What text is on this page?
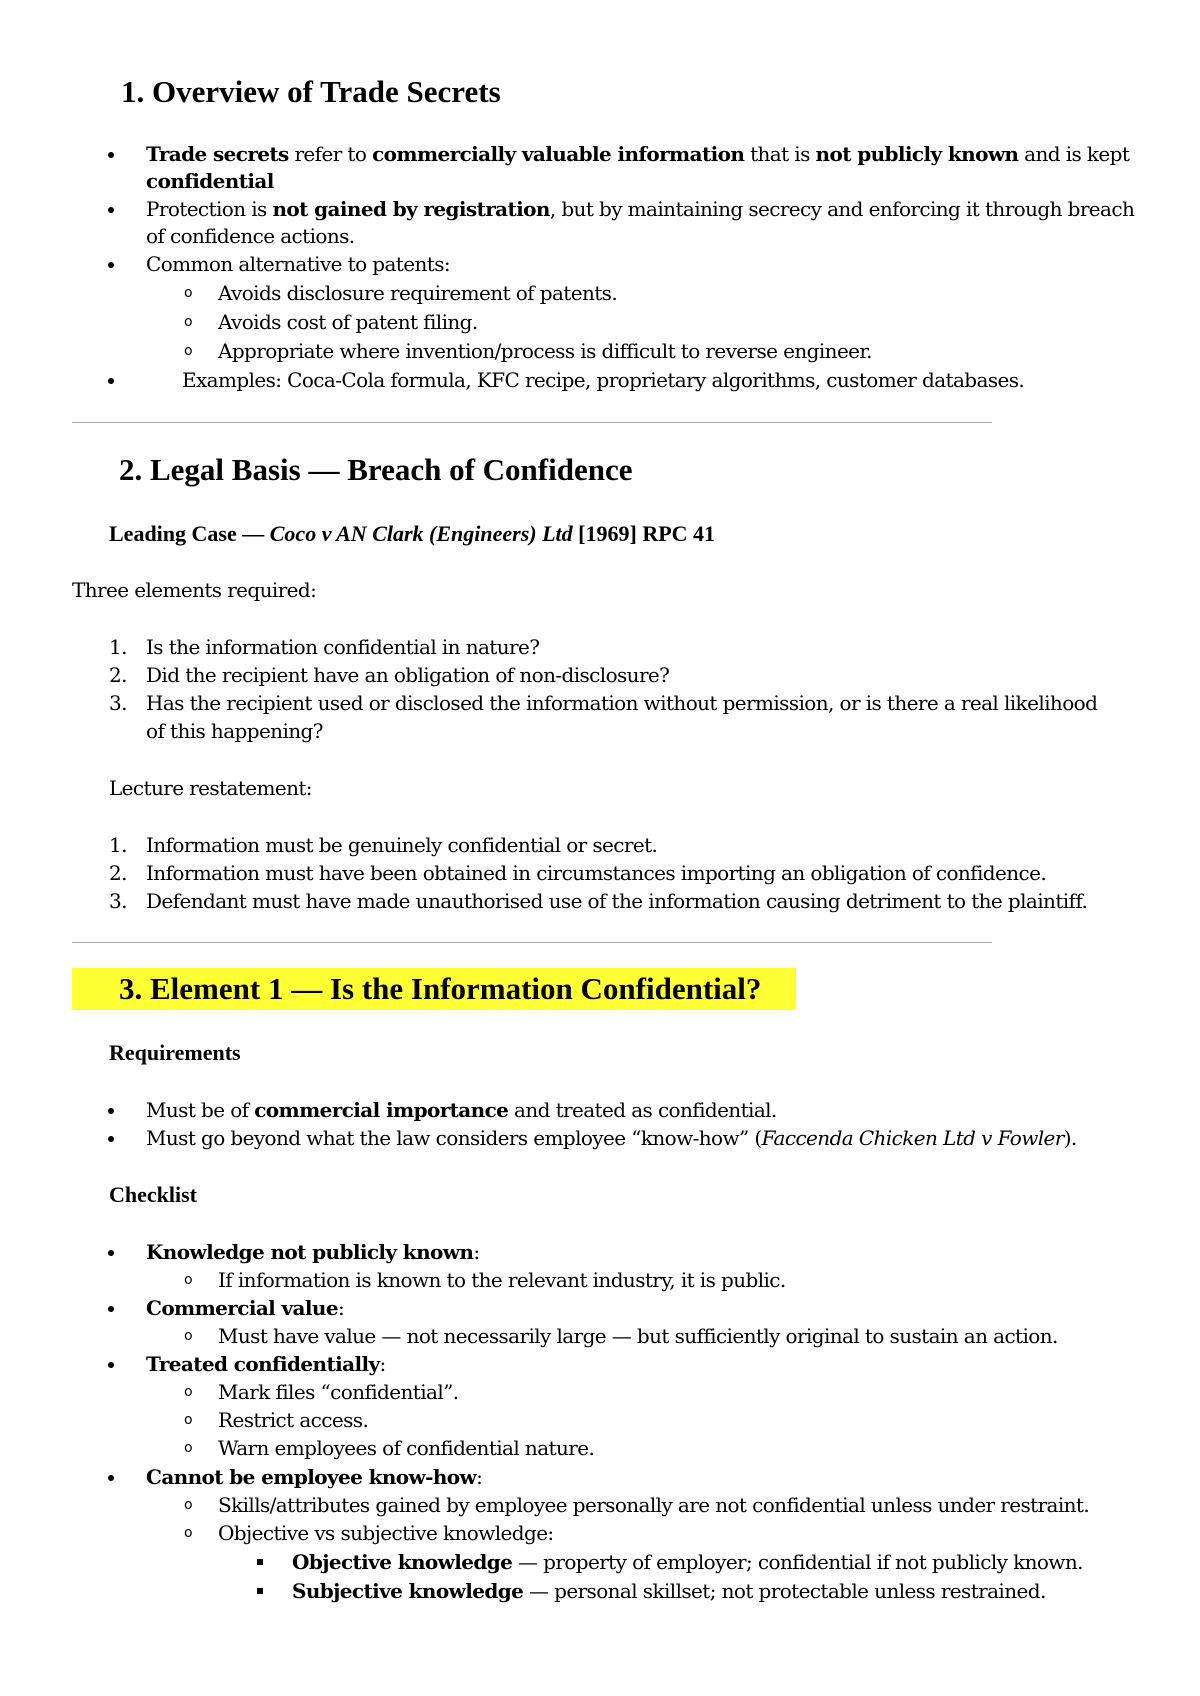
1. Overview of Trade Secrets

Trade secrets refer to commercially valuable information that is not publicly known and is kept

confidential

Protection is not gained by registration, but by maintaining secrecy and enforcing it through breach

of confidence actions.

Common alternative to patents:

o Avoids disclosure requirement of patents.

o Avoids cost of patent filing.

o Appropriate where invention/process is difficult to reverse engineer.

Examples: Coca-Cola formula, KFC recipe, proprietary algorithms, customer databases.

2. Legal Basis — Breach of Confidence

Leading Case — Coco v AN Clark (Engineers) Ltd [1969] RPC 41

Three elements required:

1. Is the information confidential in nature?

2. Did the recipient have an obligation of non-disclosure?

3. Has the recipient used or disclosed the information without permission, or is there a real likelihood

of this happening?

Lecture restatement:

1. Information must be genuinely confidential or secret.

2. Information must have been obtained in circumstances importing an obligation of confidence.

3. Defendant must have made unauthorised use of the information causing detriment to the plaintiff.

3. Element 1 — Is the Information Confidential?

Requirements

Must be of commercial importance and treated as confidential.

Must go beyond what the law considers employee “know-how” (Faccenda Chicken Ltd v Fowler).

Checklist

Knowledge not publicly known:

o If information is known to the relevant industry, it is public.

Commercial value:

o Must have value — not necessarily large — but sufficiently original to sustain an action.

Treated confidentially:

o Mark files “confidential”.

o Restrict access.

o Warn employees of confidential nature.

Cannot be employee know-how:

o Skills/attributes gained by employee personally are not confidential unless under restraint.

o Objective vs subjective knowledge:

Objective knowledge — property of employer; confidential if not publicly known.

Subjective knowledge — personal skillset; not protectable unless restrained.
